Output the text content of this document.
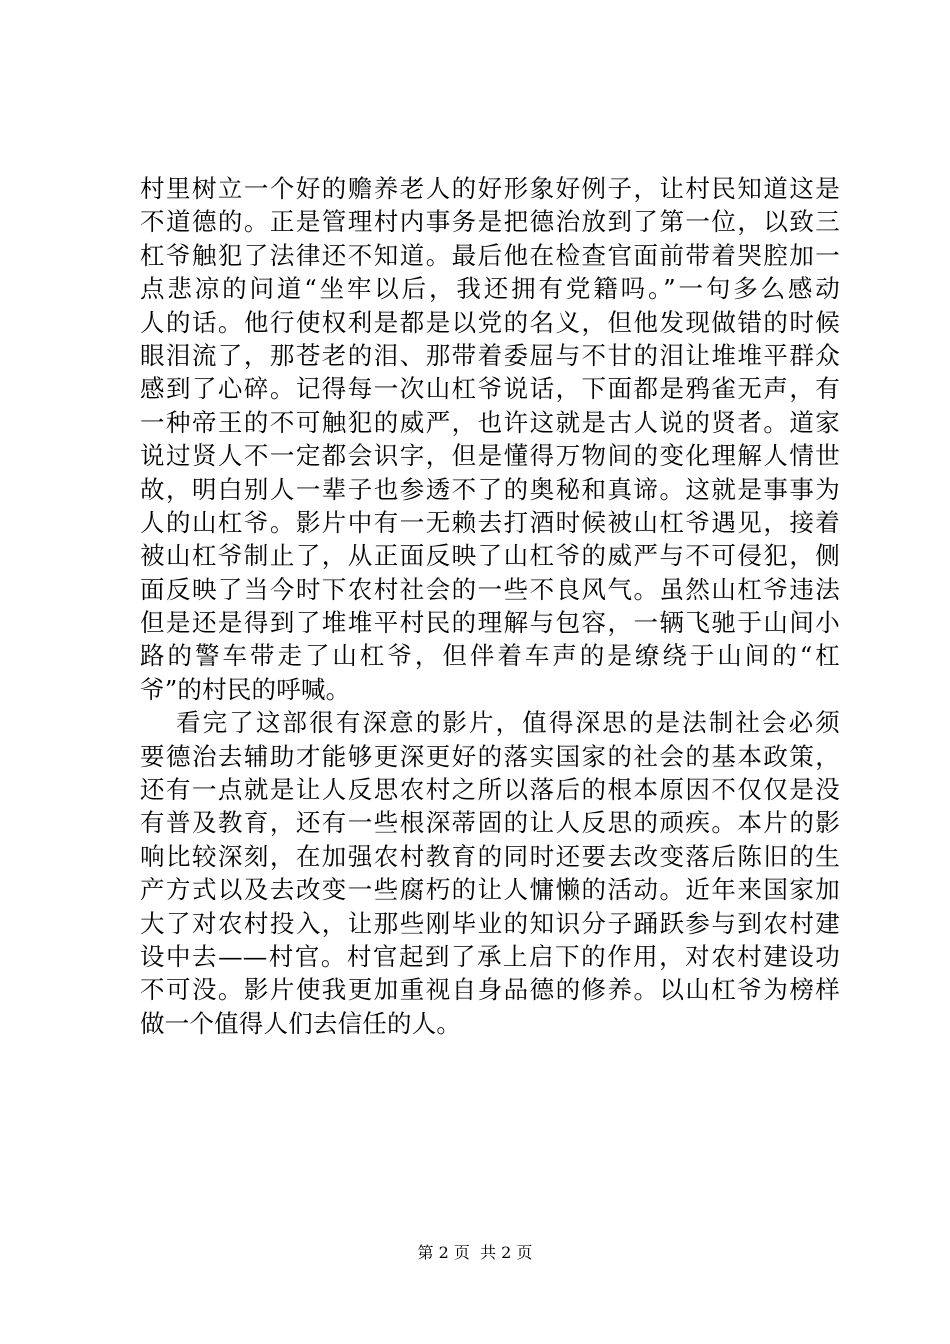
村里树立一个好的赡养老人的好形象好例子，让村民知道这是
不道德的。正是管理村内事务是把德治放到了第一位，以致三
杠爷触犯了法律还不知道。最后他在检查官面前带着哭腔加一
点悲凉的问道“坐牢以后，我还拥有党籍吗。”一句多么感动
人的话。他行使权利是都是以党的名义，但他发现做错的时候
眼泪流了，那苍老的泪、那带着委屈与不甘的泪让堆堆平群众
感到了心碎。记得每一次山杠爷说话，下面都是鸦雀无声，有
一种帝王的不可触犯的威严，也许这就是古人说的贤者。道家
说过贤人不一定都会识字，但是懂得万物间的变化理解人情世
故，明白别人一辈子也参透不了的奥秘和真谛。这就是事事为
人的山杠爷。影片中有一无赖去打酒时候被山杠爷遇见，接着
被山杠爷制止了，从正面反映了山杠爷的威严与不可侵犯，侧
面反映了当今时下农村社会的一些不良风气。虽然山杠爷违法
但是还是得到了堆堆平村民的理解与包容，一辆飞驰于山间小
路的警车带走了山杠爷，但伴着车声的是缭绕于山间的“杠
爷”的村民的呼喊。
看完了这部很有深意的影片，值得深思的是法制社会必须
要德治去辅助才能够更深更好的落实国家的社会的基本政策，
还有一点就是让人反思农村之所以落后的根本原因不仅仅是没
有普及教育，还有一些根深蒂固的让人反思的顽疾。本片的影
响比较深刻，在加强农村教育的同时还要去改变落后陈旧的生
产方式以及去改变一些腐朽的让人慵懒的活动。近年来国家加
大了对农村投入，让那些刚毕业的知识分子踊跃参与到农村建
设中去——村官。村官起到了承上启下的作用，对农村建设功
不可没。影片使我更加重视自身品德的修养。以山杠爷为榜样
做一个值得人们去信任的人。
第 2 页 共 2 页
